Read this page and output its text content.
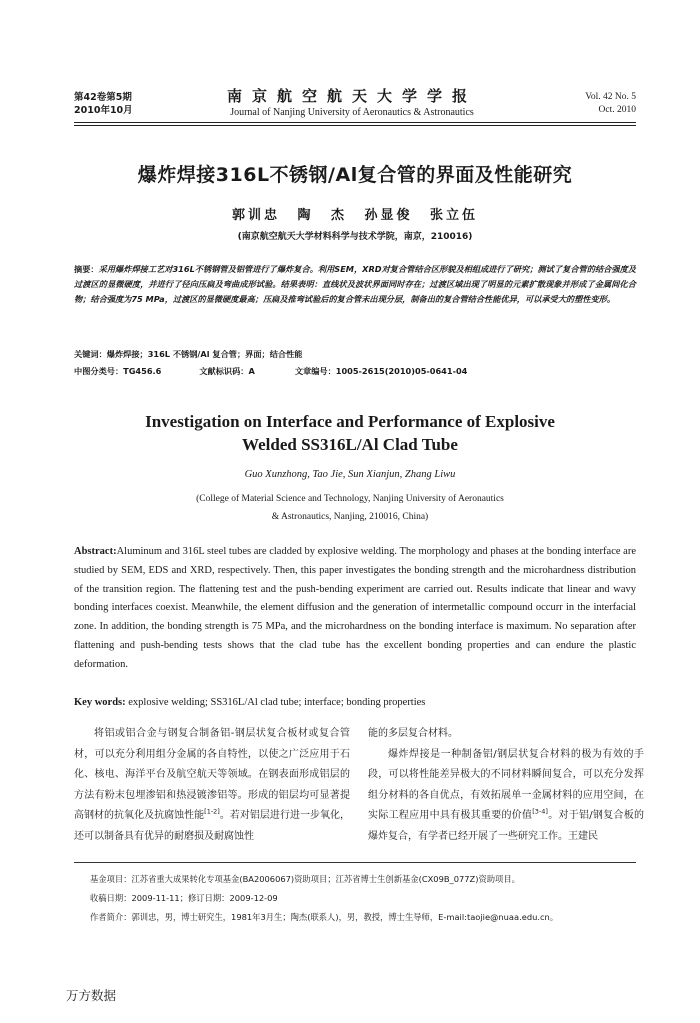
第42卷第5期
2010年10月
南京航空航天大学学报
Journal of Nanjing University of Aeronautics & Astronautics
Vol. 42 No. 5
Oct. 2010
爆炸焊接316L不锈钢/Al复合管的界面及性能研究
郭训忠 陶 杰 孙显俊 张立伍
(南京航空航天大学材料科学与技术学院，南京，210016)
摘要：采用爆炸焊接工艺对316L不锈钢管及铝管进行了爆炸复合。利用SEM，XRD对复合管结合区形貌及相组成进行了研究；测试了复合管的结合强度及过渡区的显微硬度，并进行了径向压扁及弯曲成形试验。结果表明：直线状及波状界面同时存在；过渡区域出现了明显的元素扩散现象并形成了金属间化合物；结合强度为75 MPa，过渡区的显微硬度最高；压扁及推弯试验后的复合管未出现分层，制备出的复合管结合性能优异，可以承受大的塑性变形。
关键词：爆炸焊接；316L 不锈钢/Al 复合管；界面；结合性能
中图分类号：TG456.6	文献标识码：A	文章编号：1005-2615(2010)05-0641-04
Investigation on Interface and Performance of Explosive
Welded SS316L/Al Clad Tube
Guo Xunzhong, Tao Jie, Sun Xianjun, Zhang Liwu
(College of Material Science and Technology, Nanjing University of Aeronautics
& Astronautics, Nanjing, 210016, China)
Abstract:Aluminum and 316L steel tubes are cladded by explosive welding. The morphology and phases at the bonding interface are studied by SEM, EDS and XRD, respectively. Then, this paper investigates the bonding strength and the microhardness distribution of the transition region. The flattening test and the push-bending experiment are carried out. Results indicate that linear and wavy bonding interfaces coexist. Meanwhile, the element diffusion and the generation of intermetallic compound occurr in the interfacial zone. In addition, the bonding strength is 75 MPa, and the microhardness on the bonding interface is maximum. No separation after flattening and push-bending tests shows that the clad tube has the excellent bonding properties and can endure the plastic deformation.
Key words: explosive welding; SS316L/Al clad tube; interface; bonding properties
将铝或铝合金与钢复合制备铝-钢层状复合板材或复合管材，可以充分利用组分金属的各自特性，以使之广泛应用于石化、核电、海洋平台及航空航天等领域。在钢表面形成铝层的方法有粉末包埋渗铝和热浸镀渗铝等。形成的铝层均可显著提高钢材的抗氧化及抗腐蚀性能[1-2]。若对铝层进行进一步氧化，还可以制备具有优异的耐磨损及耐腐蚀性
能的多层复合材料。
爆炸焊接是一种制备铝/钢层状复合材料的极为有效的手段，可以将性能差异极大的不同材料瞬间复合，可以充分发挥组分材料的各自优点，有效拓展单一金属材料的应用空间，在实际工程应用中具有极其重要的价值[3-4]。对于铝/钢复合板的爆炸复合，有学者已经开展了一些研究工作。王建民
基金项目：江苏省重大成果转化专项基金(BA2006067)资助项目；江苏省博士生创新基金(CX09B_077Z)资助项目。
收稿日期：2009-11-11；修订日期：2009-12-09
作者简介：郭训忠，男，博士研究生，1981年3月生；陶杰(联系人)，男，教授，博士生导师，E-mail:taojie@nuaa.edu.cn。
万方数据
